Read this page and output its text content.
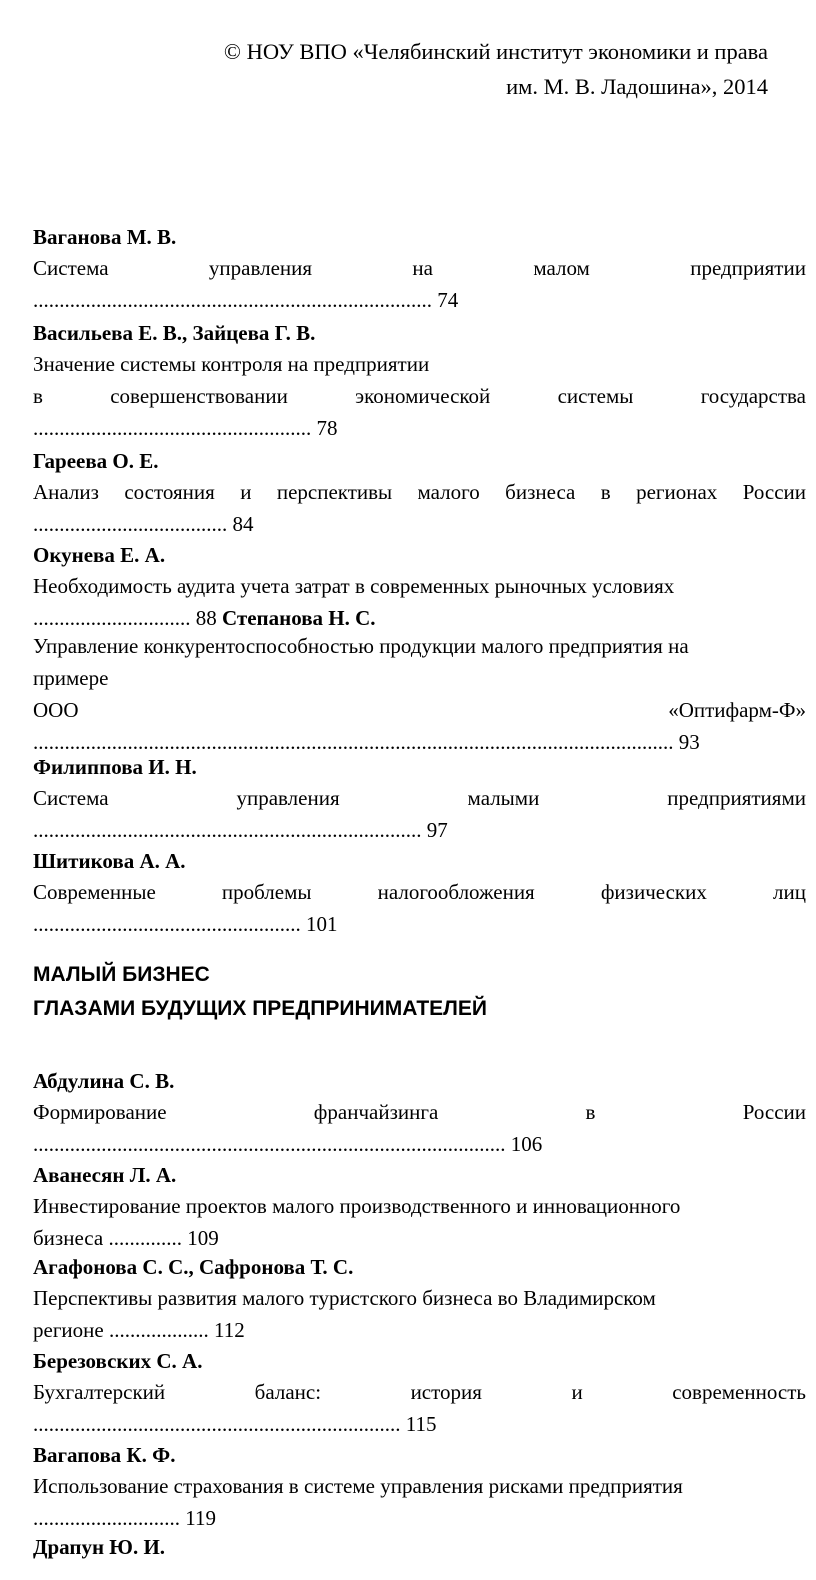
© НОУ ВПО «Челябинский институт экономики и права
им. М. В. Ладошина», 2014

Ваганова М. В.

Система	управления	на	малом	предприятии

............................................................................ 74

Васильева Е. В., Зайцева Г. В.

Значение системы контроля на предприятии

в	совершенствовании	экономической	системы	государства

..................................................... 78

Гареева О. Е.

Анализ состояния и перспективы малого бизнеса в регионах России

..................................... 84

Окунева Е. А.

Необходимость аудита учета затрат в современных рыночных условиях

.............................. 88 Степанова Н. С.

Управление конкурентоспособностью продукции малого предприятия на

примере

ООО	«Оптифарм-Ф»

.......................................................................................................................... 93

Филиппова И. Н.

Система	управления	малыми	предприятиями

.......................................................................... 97

Шитикова А. А.

Современные	проблемы	налогообложения	физических	лиц

................................................... 101

МАЛЫЙ БИЗНЕС
ГЛАЗАМИ БУДУЩИХ ПРЕДПРИНИМАТЕЛЕЙ

Абдулина С. В.

Формирование	франчайзинга	в	России

.......................................................................................... 106

Аванесян Л. А.

Инвестирование проектов малого производственного и инновационного

бизнеса .............. 109

Агафонова С. С., Сафронова Т. С.

Перспективы развития малого туристского бизнеса во Владимирском

регионе ................... 112

Березовских С. А.

Бухгалтерский	баланс:	история	и	современность

...................................................................... 115

Вагапова К. Ф.

Использование страхования в системе управления рисками предприятия

............................ 119

Драпун Ю. И.
